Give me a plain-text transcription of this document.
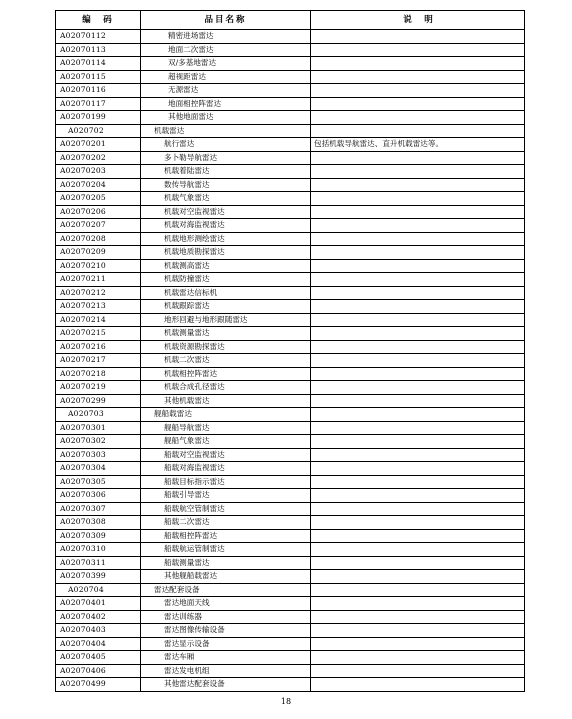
编　码	品目名称	说　明
A02070112	精密进场雷达	
A02070113	地面二次雷达	
A02070114	双/多基地雷达	
A02070115	超视距雷达	
A02070116	无源雷达	
A02070117	地面相控阵雷达	
A02070199	其他地面雷达	
A020702	机载雷达	
A02070201	航行雷达	包括机载导航雷达、直升机载雷达等。
A02070202	多卜勒导航雷达	
A02070203	机载着陆雷达	
A02070204	数传导航雷达	
A02070205	机载气象雷达	
A02070206	机载对空监视雷达	
A02070207	机载对海监视雷达	
A02070208	机载地形测绘雷达	
A02070209	机载地质勘探雷达	
A02070210	机载测高雷达	
A02070211	机载防撞雷达	
A02070212	机载雷达信标机	
A02070213	机载跟踪雷达	
A02070214	地形回避与地形跟随雷达	
A02070215	机载测量雷达	
A02070216	机载资源勘探雷达	
A02070217	机载二次雷达	
A02070218	机载相控阵雷达	
A02070219	机载合成孔径雷达	
A02070299	其他机载雷达	
A020703	舰船载雷达	
A02070301	舰船导航雷达	
A02070302	舰船气象雷达	
A02070303	船载对空监视雷达	
A02070304	船载对海监视雷达	
A02070305	船载目标指示雷达	
A02070306	船载引导雷达	
A02070307	船载航空管制雷达	
A02070308	船载二次雷达	
A02070309	船载相控阵雷达	
A02070310	船载航运管制雷达	
A02070311	船载测量雷达	
A02070399	其他舰船载雷达	
A020704	雷达配套设备	
A02070401	雷达地面天线	
A02070402	雷达训练器	
A02070403	雷达图像传输设备	
A02070404	雷达显示设备	
A02070405	雷达车厢	
A02070406	雷达发电机组	
A02070499	其他雷达配套设备	
18
